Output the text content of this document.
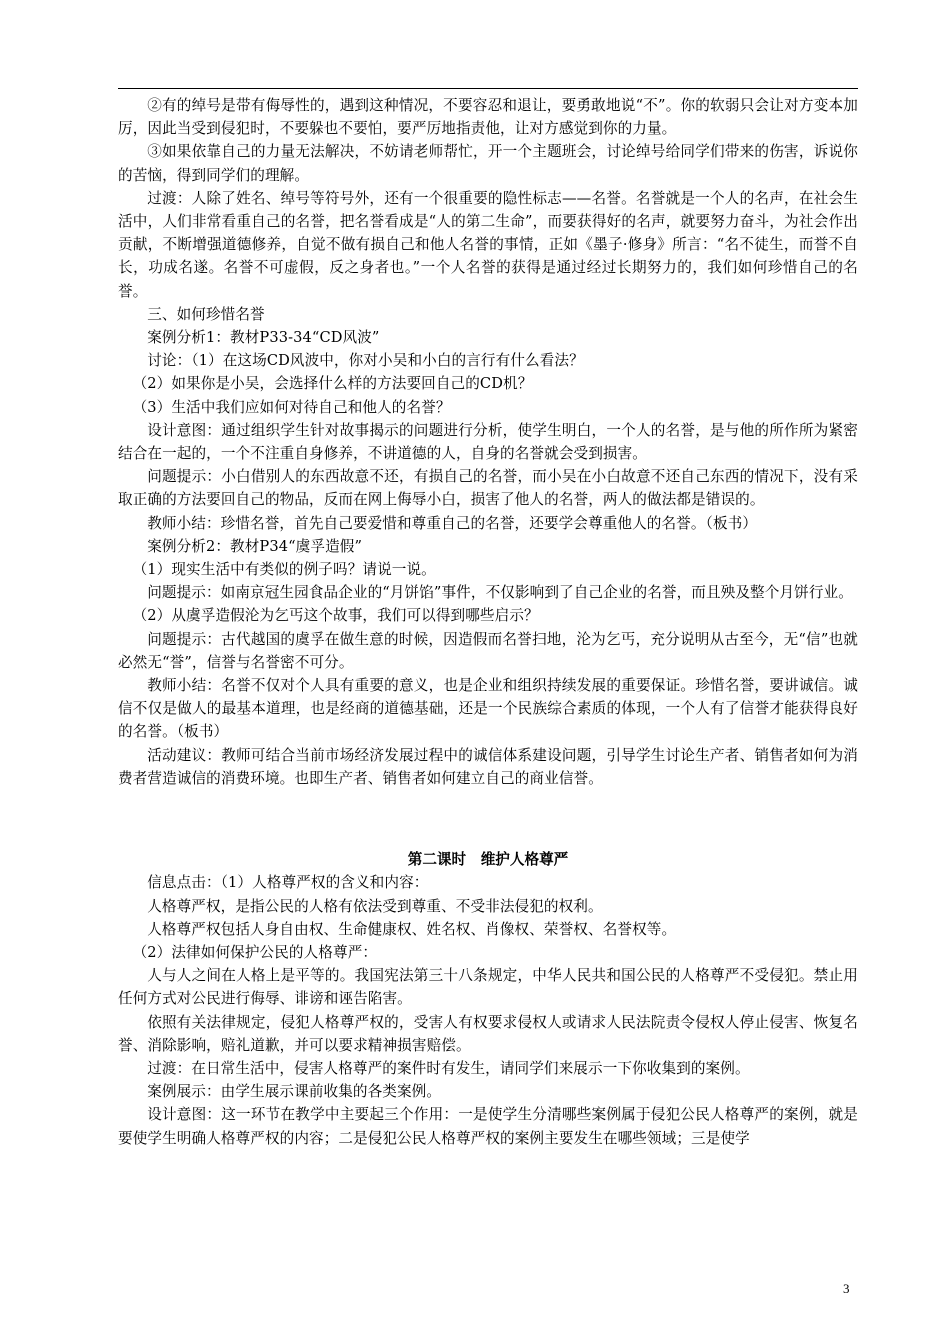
②有的绰号是带有侮辱性的，遇到这种情况，不要容忍和退让，要勇敢地说“不”。你的软弱只会让对方变本加厉，因此当受到侵犯时，不要躲也不要怕，要严厉地指责他，让对方感觉到你的力量。

③如果依靠自己的力量无法解决，不妨请老师帮忙，开一个主题班会，讨论绰号给同学们带来的伤害，诉说你的苦恼，得到同学们的理解。

过渡：人除了姓名、绰号等符号外，还有一个很重要的隐性标志——名誉。名誉就是一个人的名声，在社会生活中，人们非常看重自己的名誉，把名誉看成是“人的第二生命”，而要获得好的名声，就要努力奋斗，为社会作出贡献，不断增强道德修养，自觉不做有损自己和他人名誉的事情，正如《墨子·修身》所言：“名不徒生，而誉不自长，功成名遂。名誉不可虚假，反之身者也。”一个人名誉的获得是通过经过长期努力的，我们如何珍惜自己的名誉。

三、如何珍惜名誉

案例分析1：教材P33-34“CD风波”

讨论：（1）在这场CD风波中，你对小吴和小白的言行有什么看法？

（2）如果你是小吴，会选择什么样的方法要回自己的CD机？

（3）生活中我们应如何对待自己和他人的名誉？

设计意图：通过组织学生针对故事揭示的问题进行分析，使学生明白，一个人的名誉，是与他的所作所为紧密结合在一起的，一个不注重自身修养，不讲道德的人，自身的名誉就会受到损害。

问题提示：小白借别人的东西故意不还，有损自己的名誉，而小吴在小白故意不还自己东西的情况下，没有采取正确的方法要回自己的物品，反而在网上侮辱小白，损害了他人的名誉，两人的做法都是错误的。

教师小结：珍惜名誉，首先自己要爱惜和尊重自己的名誉，还要学会尊重他人的名誉。（板书）

案例分析2：教材P34“虞孚造假”

（1）现实生活中有类似的例子吗？请说一说。

问题提示：如南京冠生园食品企业的“月饼馅”事件，不仅影响到了自己企业的名誉，而且殃及整个月饼行业。

（2）从虞孚造假沦为乞丐这个故事，我们可以得到哪些启示？

问题提示：古代越国的虞孚在做生意的时候，因造假而名誉扫地，沦为乞丐，充分说明从古至今，无“信”也就必然无“誉”，信誉与名誉密不可分。

教师小结：名誉不仅对个人具有重要的意义，也是企业和组织持续发展的重要保证。珍惜名誉，要讲诚信。诚信不仅是做人的最基本道理，也是经商的道德基础，还是一个民族综合素质的体现，一个人有了信誉才能获得良好的名誉。（板书）

活动建议：教师可结合当前市场经济发展过程中的诚信体系建设问题，引导学生讨论生产者、销售者如何为消费者营造诚信的消费环境。也即生产者、销售者如何建立自己的商业信誉。

第二课时　维护人格尊严

信息点击：（1）人格尊严权的含义和内容：

人格尊严权，是指公民的人格有依法受到尊重、不受非法侵犯的权利。

人格尊严权包括人身自由权、生命健康权、姓名权、肖像权、荣誉权、名誉权等。

（2）法律如何保护公民的人格尊严：

人与人之间在人格上是平等的。我国宪法第三十八条规定，中华人民共和国公民的人格尊严不受侵犯。禁止用任何方式对公民进行侮辱、诽谤和诬告陷害。

依照有关法律规定，侵犯人格尊严权的，受害人有权要求侵权人或请求人民法院责令侵权人停止侵害、恢复名誉、消除影响，赔礼道歉，并可以要求精神损害赔偿。

过渡：在日常生活中，侵害人格尊严的案件时有发生，请同学们来展示一下你收集到的案例。

案例展示：由学生展示课前收集的各类案例。

设计意图：这一环节在教学中主要起三个作用：一是使学生分清哪些案例属于侵犯公民人格尊严的案例，就是要使学生明确人格尊严权的内容；二是侵犯公民人格尊严权的案例主要发生在哪些领域；三是使学

3
